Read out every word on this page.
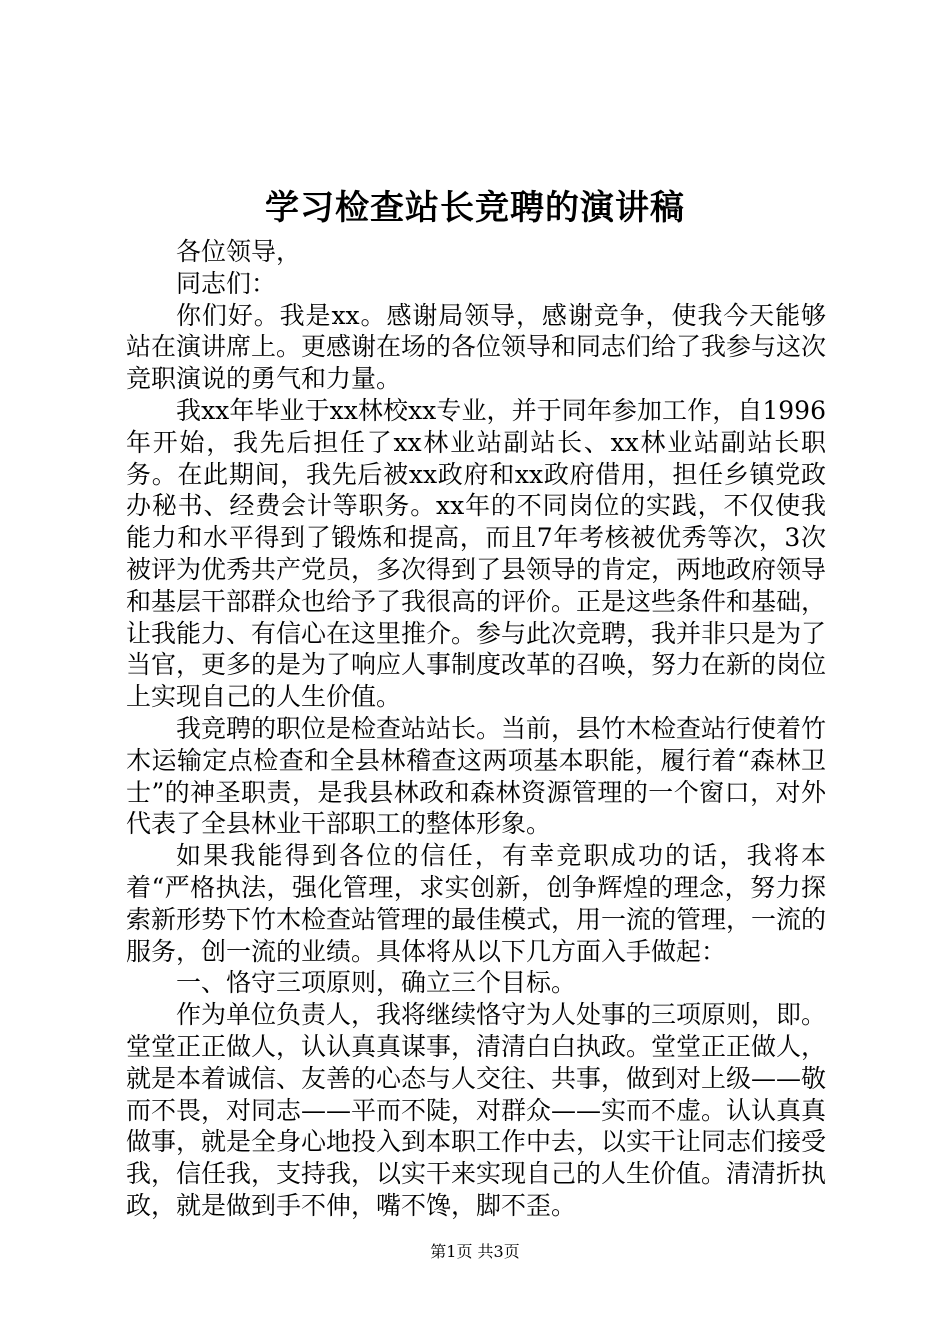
学习检查站长竞聘的演讲稿

各位领导，

同志们：

你们好。我是xx。感谢局领导，感谢竞争，使我今天能够站在演讲席上。更感谢在场的各位领导和同志们给了我参与这次竞职演说的勇气和力量。

我xx年毕业于xx林校xx专业，并于同年参加工作，自1996年开始，我先后担任了xx林业站副站长、xx林业站副站长职务。在此期间，我先后被xx政府和xx政府借用，担任乡镇党政办秘书、经费会计等职务。xx年的不同岗位的实践，不仅使我能力和水平得到了锻炼和提高，而且7年考核被优秀等次，3次被评为优秀共产党员，多次得到了县领导的肯定，两地政府领导和基层干部群众也给予了我很高的评价。正是这些条件和基础，让我能力、有信心在这里推介。参与此次竞聘，我并非只是为了当官，更多的是为了响应人事制度改革的召唤，努力在新的岗位上实现自己的人生价值。

我竞聘的职位是检查站站长。当前，县竹木检查站行使着竹木运输定点检查和全县林稽查这两项基本职能，履行着“森林卫士”的神圣职责，是我县林政和森林资源管理的一个窗口，对外代表了全县林业干部职工的整体形象。

如果我能得到各位的信任，有幸竞职成功的话，我将本着“严格执法，强化管理，求实创新，创争辉煌的理念，努力探索新形势下竹木检查站管理的最佳模式，用一流的管理，一流的服务，创一流的业绩。具体将从以下几方面入手做起：

一、恪守三项原则，确立三个目标。

作为单位负责人，我将继续恪守为人处事的三项原则，即。堂堂正正做人，认认真真谋事，清清白白执政。堂堂正正做人，就是本着诚信、友善的心态与人交往、共事，做到对上级——敬而不畏，对同志——平而不陡，对群众——实而不虚。认认真真做事，就是全身心地投入到本职工作中去，以实干让同志们接受我，信任我，支持我，以实干来实现自己的人生价值。清清折执政，就是做到手不伸，嘴不馋，脚不歪。

第1页 共3页
